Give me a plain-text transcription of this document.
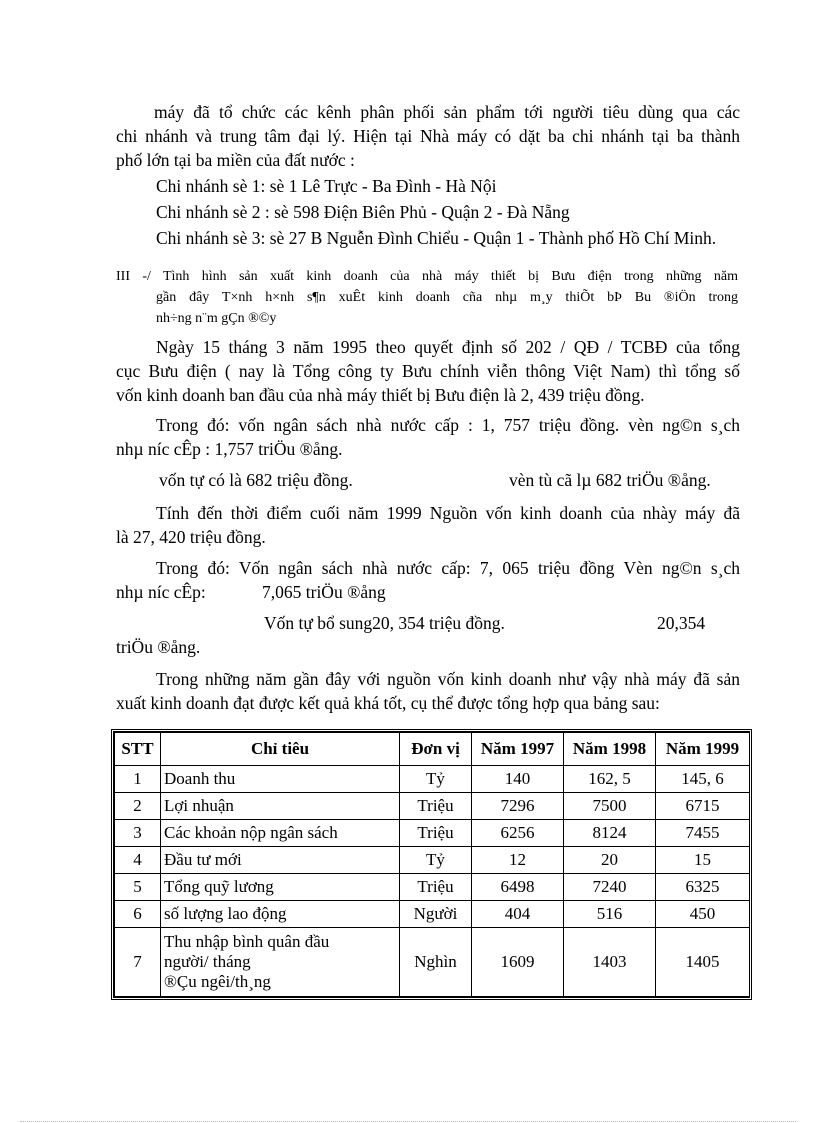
máy đã tổ chức các kênh phân phối sản phẩm tới người tiêu dùng qua các
chi nhánh và trung tâm đại lý. Hiện tại Nhà máy có dặt ba chi nhánh tại ba thành
phố lớn tại ba miền của đất nước :
Chi nhánh sè 1: sè 1 Lê Trực - Ba Đình - Hà Nội
Chi nhánh sè 2 : sè 598 Điện Biên Phủ - Quận 2 - Đà Nẵng
Chi nhánh sè 3: sè 27 B Nguễn Đình Chiểu - Quận 1 - Thành phố Hồ Chí Minh.
III -/ Tình hình sản xuất kinh doanh của nhà máy thiết bị Bưu điện trong những năm
gần đây T×nh h×nh s¶n xuÊt kinh doanh cña nhµ m¸y thiÕt bÞ Bu ®iÖn trong
nh÷ng n¨m gÇn ®©y
Ngày 15 tháng 3 năm 1995 theo quyết định số 202 / QĐ / TCBĐ của tổng
cục Bưu điện ( nay là Tổng công ty Bưu chính viễn thông Việt Nam) thì tổng số
vốn kinh doanh ban đầu của nhà máy thiết bị Bưu điện là 2, 439 triệu đồng.
Trong đó: vốn ngân sách nhà nước cấp : 1, 757 triệu đồng. vèn ng©n s¸ch
nhµ níc cÊp : 1,757 triÖu ®ång.
vốn tự có là 682 triệu đồng.	vèn tù cã lµ 682 triÖu ®ång.
Tính đến thời điểm cuối năm 1999 Nguồn vốn kinh doanh của nhày máy đã
là 27, 420 triệu đồng.
Trong đó: Vốn ngân sách nhà nước cấp: 7, 065 triệu đồng Vèn ng©n s¸ch
nhµ níc cÊp:	7,065 triÖu ®ång
Vốn tự bổ sung20, 354 triệu đồng.	20,354
triÖu ®ång.
Trong những năm gần đây với nguồn vốn kinh doanh như vậy nhà máy đã sản
xuất kinh doanh đạt được kết quả khá tốt, cụ thể được tổng hợp qua bảng sau:
STT	Chỉ tiêu	Đơn vị	Năm 1997	Năm 1998	Năm 1999
1	Doanh thu	Tỷ	140	162, 5	145, 6
2	Lợi nhuận	Triệu	7296	7500	6715
3	Các khoản nộp ngân sách	Triệu	6256	8124	7455
4	Đầu tư mới	Tỷ	12	20	15
5	Tổng quỹ lương	Triệu	6498	7240	6325
6	số lượng lao động	Người	404	516	450
7	Thu nhập bình quân đầu
người/ tháng
®Çu ngêi/th¸ng	Nghìn	1609	1403	1405
